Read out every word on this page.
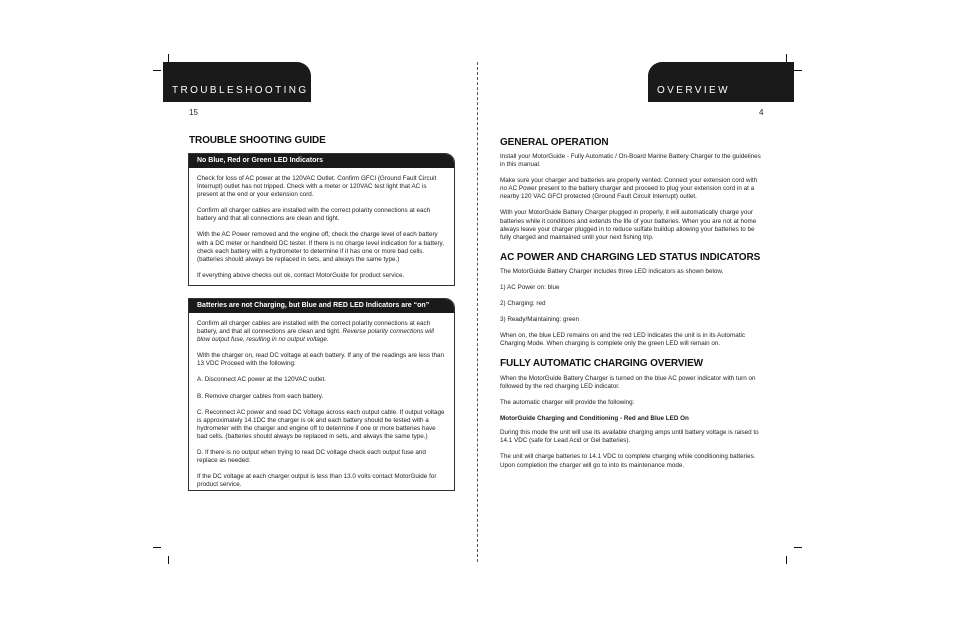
TROUBLESHOOTING
15
TROUBLE SHOOTING GUIDE
No Blue, Red or Green LED Indicators

Check for loss of AC power at the 120VAC Outlet. Confirm GFCI (Ground Fault Circuit Interrupt) outlet has not tripped. Check with a meter or 120VAC test light that AC is present at the end or your extension cord.

Confirm all charger cables are installed with the correct polarity connections at each battery and that all connections are clean and tight.

With the AC Power removed and the engine off, check the charge level of each battery with a DC meter or handheld DC tester. If there is no charge level indication for a battery, check each battery with a hydrometer to determine if it has one or more bad cells. (batteries should always be replaced in sets, and always the same type.)

If everything above checks out ok, contact MotorGuide for product service.

Batteries are not Charging, but Blue and RED LED Indicators are “on”

Confirm all charger cables are installed with the correct polarity connections at each battery, and that all connections are clean and tight. Reverse polarity connections will blow output fuse, resulting in no output voltage.

With the charger on, read DC voltage at each battery. If any of the readings are less than 13 VDC Proceed with the following:

A. Disconnect AC power at the 120VAC outlet.

B. Remove charger cables from each battery.

C. Reconnect AC power and read DC Voltage across each output cable. If output voltage is approximately 14.1DC the charger is ok and each battery should be tested with a hydrometer with the charger and engine off to determine if one or more batteries have bad cells. (batteries should always be replaced in sets, and always the same type.)

D. If there is no output when trying to read DC voltage check each output fuse and replace as needed.

If the DC voltage at each charger output is less than 13.0 volts contact MotorGuide for product service.

OVERVIEW
4
GENERAL OPERATION

Install your MotorGuide - Fully Automatic / On-Board Marine Battery Charger to the guidelines in this manual.

Make sure your charger and batteries are properly vented. Connect your extension cord with no AC Power present to the battery charger and proceed to plug your extension cord in at a nearby 120 VAC GFCI protected (Ground Fault Circuit Interrupt) outlet.

With your MotorGuide Battery Charger plugged in properly, it will automatically charge your batteries while it conditions and extends the life of your batteries. When you are not at home always leave your charger plugged in to reduce sulfate buildup allowing your batteries to be fully charged and maintained until your next fishing trip.

AC POWER AND CHARGING LED STATUS INDICATORS

The MotorGuide Battery Charger includes three LED indicators as shown below.

1) AC Power on: blue

2) Charging: red

3) Ready/Maintaining: green

When on, the blue LED remains on and the red LED indicates the unit is in its Automatic Charging Mode. When charging is complete only the green LED will remain on.

FULLY AUTOMATIC CHARGING OVERVIEW

When the MotorGuide Battery Charger is turned on the blue AC power indicator with turn on followed by the red charging LED indicator.

The automatic charger will provide the following:

MotorGuide Charging and Conditioning - Red and Blue LED On

During this mode the unit will use its available charging amps until battery voltage is raised to 14.1 VDC (safe for Lead Acid or Gel batteries).

The unit will charge batteries to 14.1 VDC to complete charging while conditioning batteries. Upon completion the charger will go to into its maintenance mode.
